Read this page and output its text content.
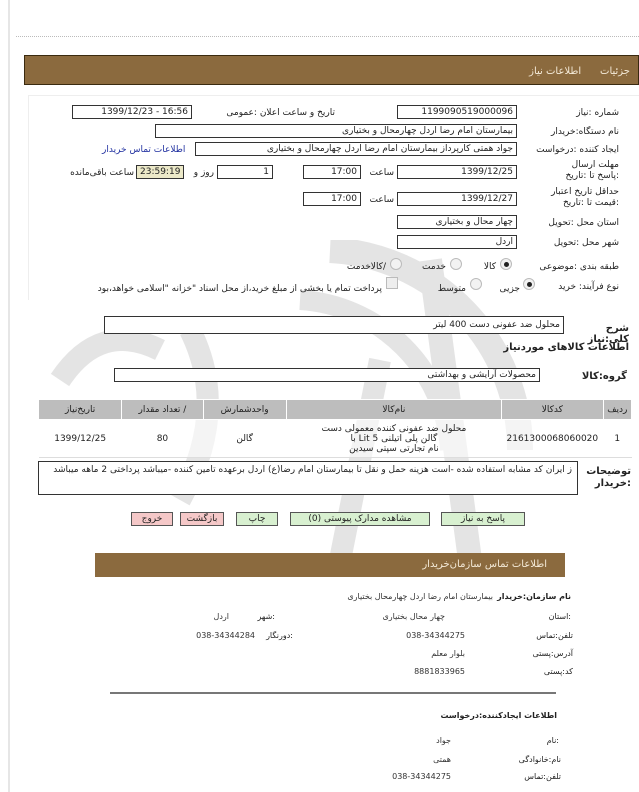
جزئیات اطلاعات نیاز
شماره :نیاز
1199090519000096
تاریخ و ساعت اعلان :عمومی
1399/12/23 - 16:56
نام دستگاه:خریدار
بیمارستان امام رضا اردل چهارمحال و بختیاری
ایجاد کننده :درخواست
جواد همتی کارپرداز بیمارستان امام رضا اردل چهارمحال و بختیاری
اطلاعات تماس خریدار
مهلت ارسال :پاسخ تا :تاریخ
1399/12/25
ساعت
17:00
1
روز و
23:59:19
ساعت باقی‌مانده
حداقل تاریخ اعتبار :قیمت تا :تاریخ
1399/12/27
ساعت
17:00
استان محل :تحویل
چهار محال و بختیاری
شهر محل :تحویل
اردل
طبقه بندی :موضوعی
کالا
خدمت
/کالاخدمت
نوع فرآیند: خرید
جزیی
متوسط
پرداخت تمام یا بخشی از مبلغ خرید،از محل اسناد "خزانه "اسلامی خواهد،بود
شرح کلی:نیاز
محلول ضد عفونی دست 400 لیتر
اطلاعات کالاهای موردنیاز
گروه:کالا
محصولات آرایشی و بهداشتی
ردیف	کدکالا	نام‌کالا	واحدشمارش	/ تعداد مقدار	تاریخ‌نیاز
1	2161300068060020	محلول ضد عفونی کننده معمولی دست
گالن پلی اتیلنی 5 Lit با
نام تجارتی سپتی سیدین	گالن	80	1399/12/25
توضیحات :خریدار
ز ایران کد مشابه استفاده شده -است هزینه حمل و نقل تا بیمارستان امام رضا(ع) اردل برعهده تامین کننده -میباشد پرداختی 2 ماهه میباشد
پاسخ به نیاز
مشاهده مدارک پیوستی (0)
چاپ
بازگشت
خروج
اطلاعات تماس سازمان‌خریدار
نام سازمان:خریدار
بیمارستان امام رضا اردل چهارمحال بختیاری
:استان
چهار محال بختیاری
:شهر
اردل
تلفن:تماس
038-34344275
:دورنگار
038-34344284
آدرس:پستی
بلوار معلم
کد:پستی
8881833965
اطلاعات ایجادکننده:درخواست
:نام
جواد
نام:خانوادگی
همتی
تلفن:تماس
038-34344275
